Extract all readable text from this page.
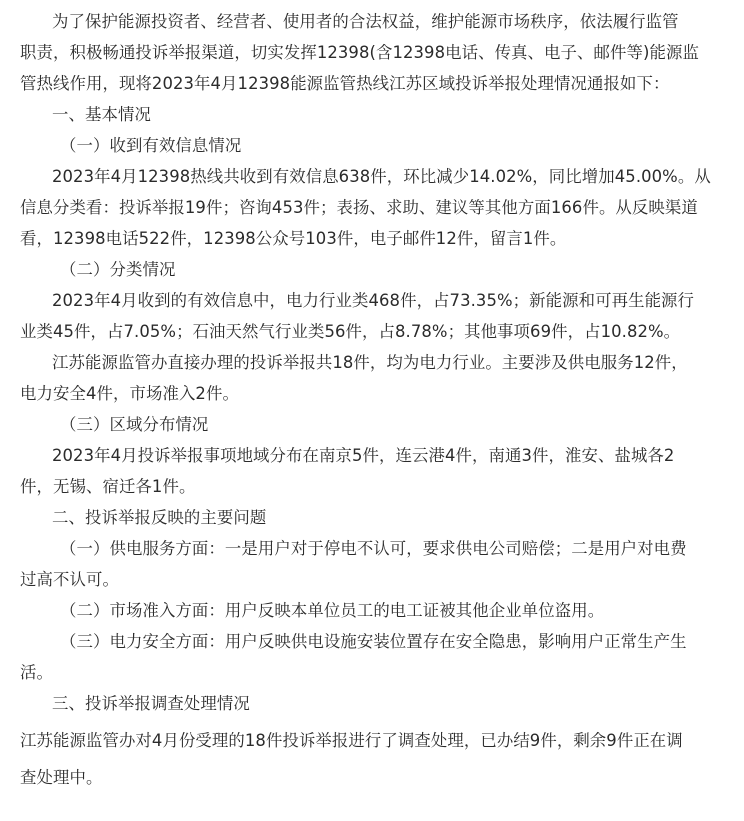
为了保护能源投资者、经营者、使用者的合法权益，维护能源市场秩序，依法履行监管
职责，积极畅通投诉举报渠道，切实发挥12398(含12398电话、传真、电子、邮件等)能源监
管热线作用，现将2023年4月12398能源监管热线江苏区域投诉举报处理情况通报如下：
一、基本情况
（一）收到有效信息情况
2023年4月12398热线共收到有效信息638件，环比减少14.02%，同比增加45.00%。从
信息分类看：投诉举报19件；咨询453件；表扬、求助、建议等其他方面166件。从反映渠道
看，12398电话522件，12398公众号103件，电子邮件12件，留言1件。
（二）分类情况
2023年4月收到的有效信息中，电力行业类468件，占73.35%；新能源和可再生能源行
业类45件，占7.05%；石油天然气行业类56件，占8.78%；其他事项69件，占10.82%。
江苏能源监管办直接办理的投诉举报共18件，均为电力行业。主要涉及供电服务12件，
电力安全4件，市场准入2件。
（三）区域分布情况
2023年4月投诉举报事项地域分布在南京5件，连云港4件，南通3件，淮安、盐城各2
件，无锡、宿迁各1件。
二、投诉举报反映的主要问题
（一）供电服务方面：一是用户对于停电不认可，要求供电公司赔偿；二是用户对电费
过高不认可。
（二）市场准入方面：用户反映本单位员工的电工证被其他企业单位盗用。
（三）电力安全方面：用户反映供电设施安装位置存在安全隐患，影响用户正常生产生
活。
三、投诉举报调查处理情况
江苏能源监管办对4月份受理的18件投诉举报进行了调查处理，已办结9件，剩余9件正在调
查处理中。
